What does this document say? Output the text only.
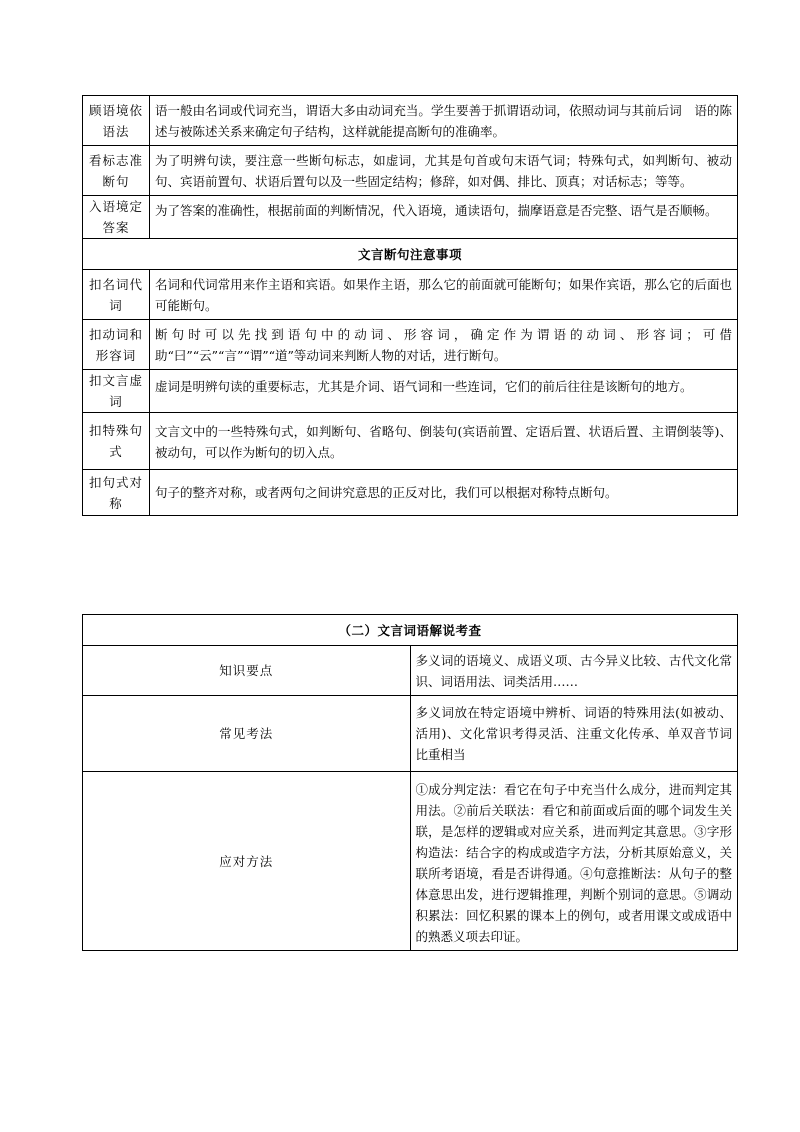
顾语境依语法	语一般由名词或代词充当，谓语大多由动词充当。学生要善于抓谓语动词，依照动词与其前后词　语的陈述与被陈述关系来确定句子结构，这样就能提高断句的准确率。
看标志准断句	为了明辨句读，要注意一些断句标志，如虚词，尤其是句首或句末语气词；特殊句式，如判断句、被动句、宾语前置句、状语后置句以及一些固定结构；修辞，如对偶、排比、顶真；对话标志；等等。
入语境定答案	为了答案的准确性，根据前面的判断情况，代入语境，通读语句，揣摩语意是否完整、语气是否顺畅。
文言断句注意事项	
扣名词代词	名词和代词常用来作主语和宾语。如果作主语，那么它的前面就可能断句；如果作宾语，那么它的后面也可能断句。
扣动词和形容词	断句时可以先找到语句中的动词、形容词，确定作为谓语的动词、形容词；可借助“曰”“云”“言”“谓”“道”等动词来判断人物的对话，进行断句。
扣文言虚词	虚词是明辨句读的重要标志，尤其是介词、语气词和一些连词，它们的前后往往是该断句的地方。
扣特殊句式	文言文中的一些特殊句式，如判断句、省略句、倒装句(宾语前置、定语后置、状语后置、主谓倒装等)、被动句，可以作为断句的切入点。
扣句式对称	句子的整齐对称，或者两句之间讲究意思的正反对比，我们可以根据对称特点断句。
（二）文言词语解说考查	
知识要点	多义词的语境义、成语义项、古今异义比较、古代文化常识、词语用法、词类活用……
常见考法	多义词放在特定语境中辨析、词语的特殊用法(如被动、活用)、文化常识考得灵活、注重文化传承、单双音节词比重相当
应对方法	①成分判定法：看它在句子中充当什么成分，进而判定其用法。②前后关联法：看它和前面或后面的哪个词发生关联，是怎样的逻辑或对应关系，进而判定其意思。③字形构造法：结合字的构成或造字方法，分析其原始意义，关联所考语境，看是否讲得通。④句意推断法：从句子的整体意思出发，进行逻辑推理，判断个别词的意思。⑤调动积累法：回忆积累的课本上的例句，或者用课文或成语中的熟悉义项去印证。
